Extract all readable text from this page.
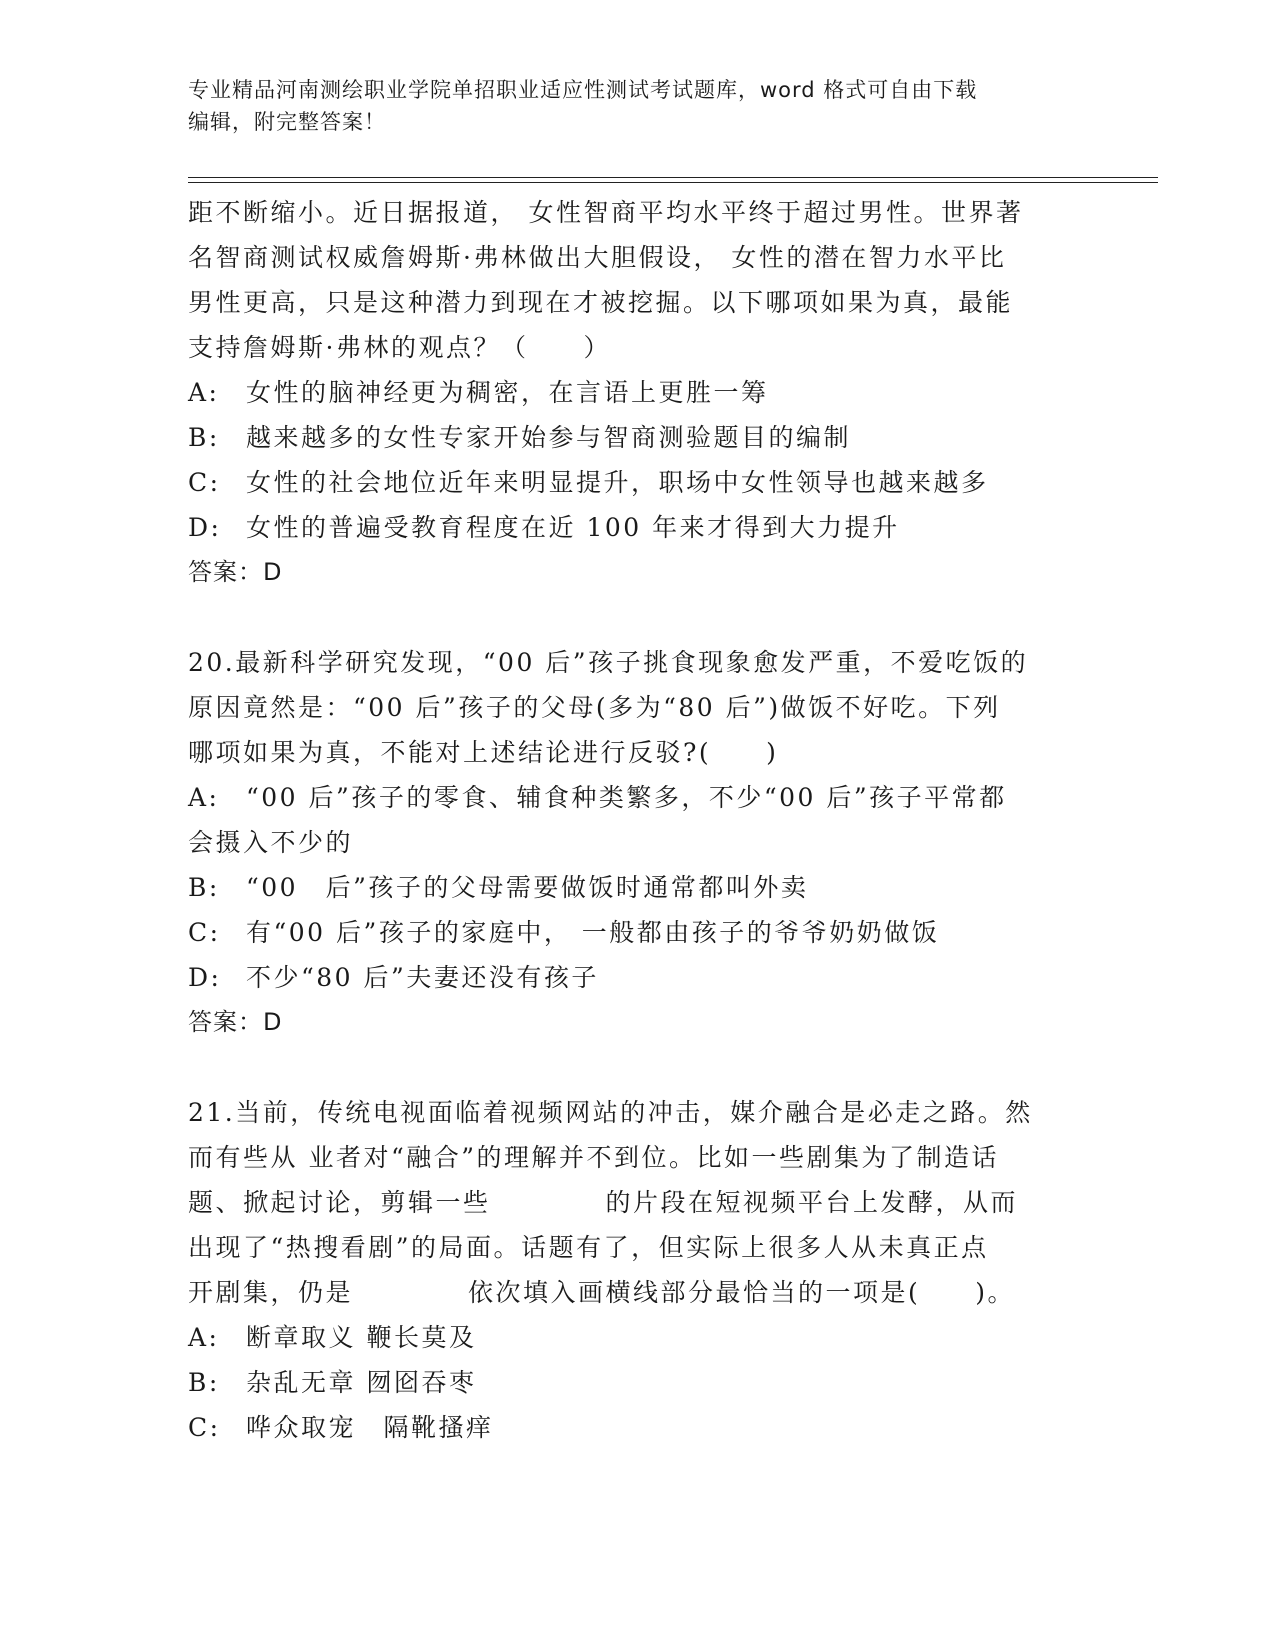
专业精品河南测绘职业学院单招职业适应性测试考试题库，word 格式可自由下载
编辑，附完整答案！
距不断缩小。近日据报道， 女性智商平均水平终于超过男性。世界著
名智商测试权威詹姆斯·弗林做出大胆假设， 女性的潜在智力水平比
男性更高，只是这种潜力到现在才被挖掘。以下哪项如果为真，最能
支持詹姆斯·弗林的观点？（　　）
A: 女性的脑神经更为稠密，在言语上更胜一筹
B: 越来越多的女性专家开始参与智商测验题目的编制
C: 女性的社会地位近年来明显提升，职场中女性领导也越来越多
D: 女性的普遍受教育程度在近 100 年来才得到大力提升
答案：D
20.最新科学研究发现，“00 后”孩子挑食现象愈发严重，不爱吃饭的
原因竟然是：“00 后”孩子的父母(多为“80 后”)做饭不好吃。下列
哪项如果为真，不能对上述结论进行反驳?(　　)
A: “00 后”孩子的零食、辅食种类繁多，不少“00 后”孩子平常都
会摄入不少的
B: “00　后”孩子的父母需要做饭时通常都叫外卖
C: 有“00 后”孩子的家庭中， 一般都由孩子的爷爷奶奶做饭
D: 不少“80 后”夫妻还没有孩子
答案：D
21.当前，传统电视面临着视频网站的冲击，媒介融合是必走之路。然
而有些从 业者对“融合”的理解并不到位。比如一些剧集为了制造话
题、掀起讨论，剪辑一些	的片段在短视频平台上发酵，从而
出现了“热搜看剧”的局面。话题有了，但实际上很多人从未真正点
开剧集，仍是	依次填入画横线部分最恰当的一项是(　　)。
A: 断章取义 鞭长莫及
B: 杂乱无章 囫囵吞枣
C: 哗众取宠　隔靴搔痒
